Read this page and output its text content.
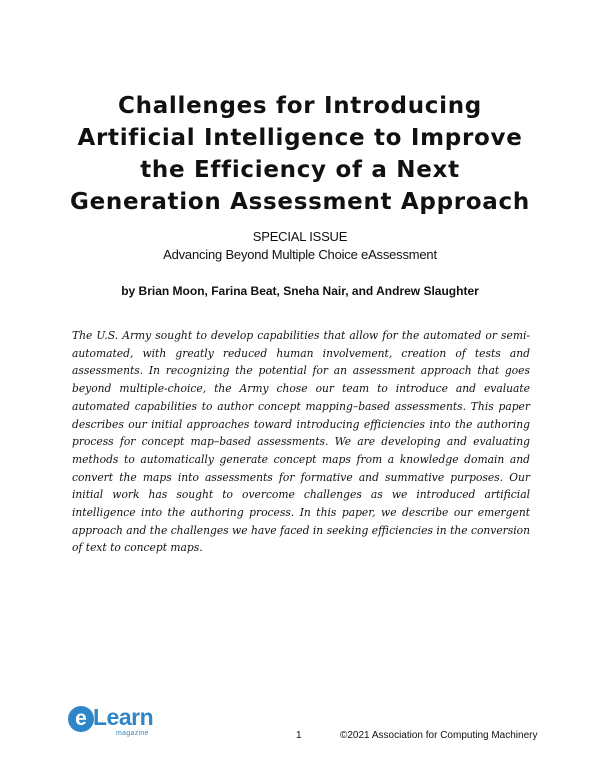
Challenges for Introducing
Artificial Intelligence to Improve
the Efficiency of a Next
Generation Assessment Approach
SPECIAL ISSUE
Advancing Beyond Multiple Choice eAssessment
by Brian Moon, Farina Beat, Sneha Nair, and Andrew Slaughter

The U.S. Army sought to develop capabilities that allow for the automated or semi-automated, with greatly reduced human involvement, creation of tests and assessments. In recognizing the potential for an assessment approach that goes beyond multiple-choice, the Army chose our team to introduce and evaluate automated capabilities to author concept mapping–based assessments. This paper describes our initial approaches toward introducing efficiencies into the authoring process for concept map–based assessments. We are developing and evaluating methods to automatically generate concept maps from a knowledge domain and convert the maps into assessments for formative and summative purposes. Our initial work has sought to overcome challenges as we introduced artificial intelligence into the authoring process. In this paper, we describe our emergent approach and the challenges we have faced in seeking efficiencies in the conversion of text to concept maps.

e Learn
magazine	1	©2021 Association for Computing Machinery
